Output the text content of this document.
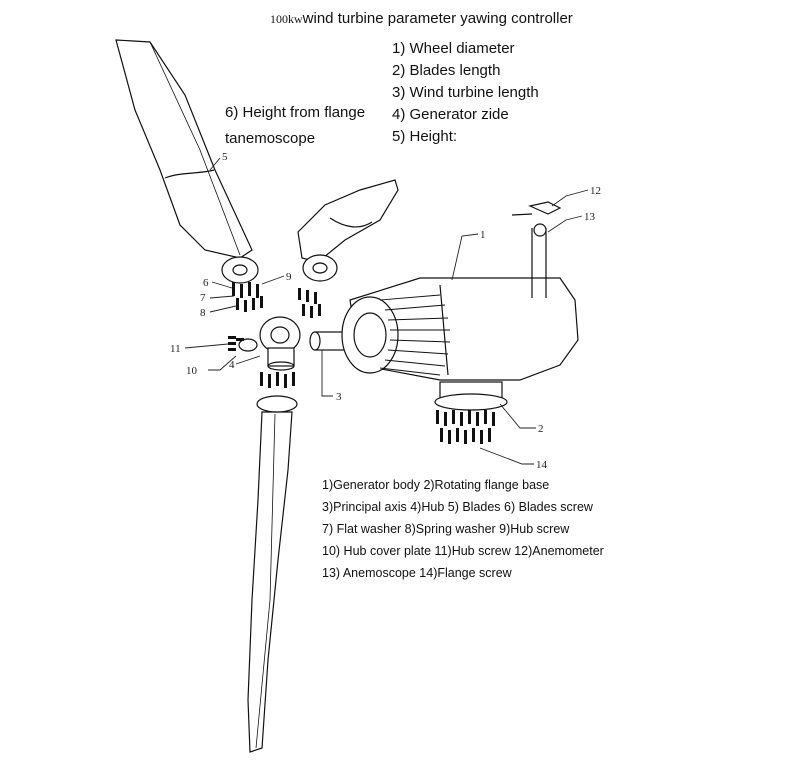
100kwwind turbine parameter yawing controller
1) Wheel diameter
2) Blades length
3) Wind turbine length
4) Generator zide
5) Height:
6) Height from flange
tanemoscope
1
2
3
4
5
6
7
8
9
10
11
12
13
14
1)Generator body 2)Rotating flange base
3)Principal axis 4)Hub 5) Blades 6) Blades screw
7) Flat washer 8)Spring washer 9)Hub screw
10) Hub cover plate 11)Hub screw 12)Anemometer
13) Anemoscope 14)Flange screw
